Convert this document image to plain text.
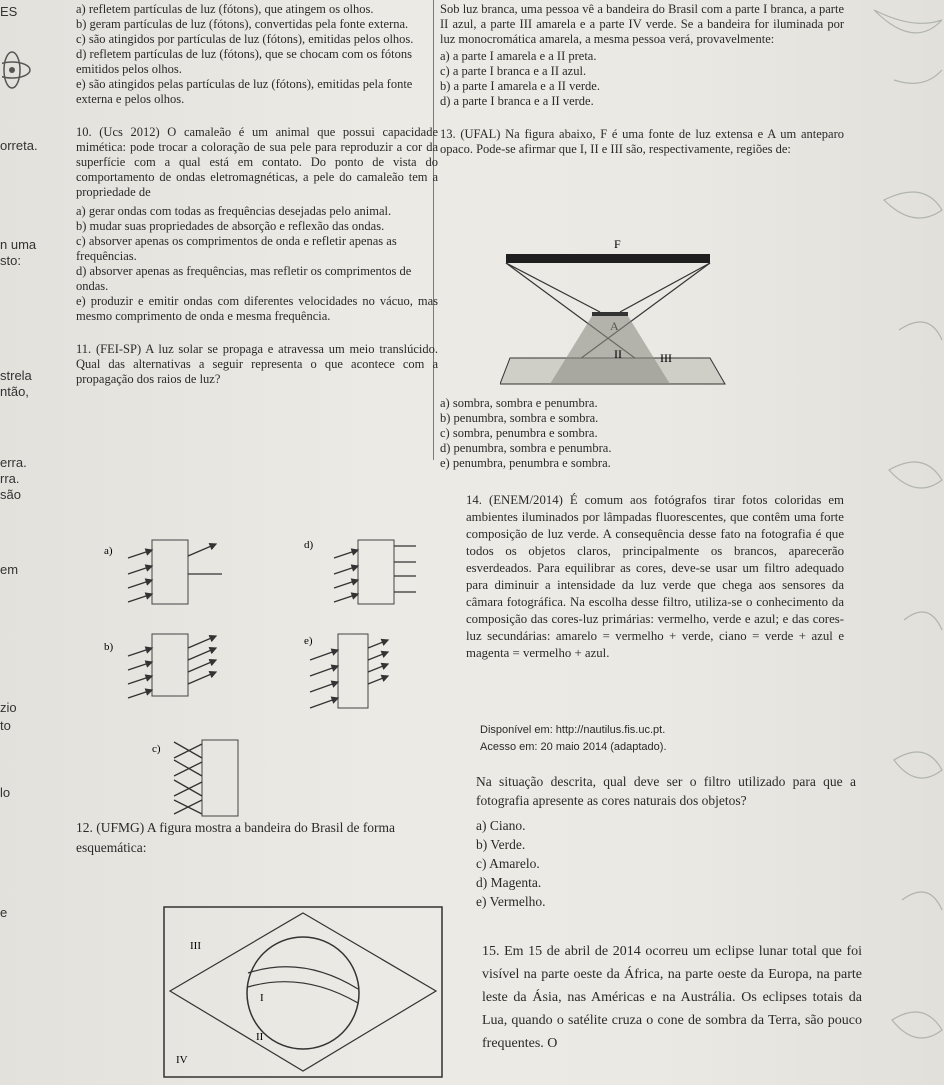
ES
orreta.
n uma
sto:
strela
ntão,
erra.
rra.
são
em
zio
to
lo
e

a) refletem partículas de luz (fótons), que atingem os olhos.

b) geram partículas de luz (fótons), convertidas pela fonte externa.

c) são atingidos por partículas de luz (fótons), emitidas pelos olhos.

d) refletem partículas de luz (fótons), que se chocam com os fótons emitidos pelos olhos.

e) são atingidos pelas partículas de luz (fótons), emitidas pela fonte externa e pelos olhos.

10. (Ucs 2012) O camaleão é um animal que possui capacidade mimética: pode trocar a coloração de sua pele para reproduzir a cor da superfície com a qual está em contato. Do ponto de vista do comportamento de ondas eletromagnéticas, a pele do camaleão tem a propriedade de

a) gerar ondas com todas as frequências desejadas pelo animal.

b) mudar suas propriedades de absorção e reflexão das ondas.

c) absorver apenas os comprimentos de onda e refletir apenas as frequências.

d) absorver apenas as frequências, mas refletir os comprimentos de ondas.

e) produzir e emitir ondas com diferentes velocidades no vácuo, mas mesmo comprimento de onda e mesma frequência.

11. (FEI-SP) A luz solar se propaga e atravessa um meio translúcido. Qual das alternativas a seguir representa o que acontece com a propagação dos raios de luz?

a)	d)
b)	e)
c)

12. (UFMG) A figura mostra a bandeira do Brasil de forma esquemática:

I
II
III
IV

Sob luz branca, uma pessoa vê a bandeira do Brasil com a parte I branca, a parte II azul, a parte III amarela e a parte IV verde. Se a bandeira for iluminada por luz monocromática amarela, a mesma pessoa verá, provavelmente:

a) a parte I amarela e a II preta.

c) a parte I branca e a II azul.

b) a parte I amarela e a II verde.

d) a parte I branca e a II verde.

13. (UFAL) Na figura abaixo, F é uma fonte de luz extensa e A um anteparo opaco. Pode-se afirmar que I, II e III são, respectivamente, regiões de:

F
II	III

a) sombra, sombra e penumbra.

b) penumbra, sombra e sombra.

c) sombra, penumbra e sombra.

d) penumbra, sombra e penumbra.

e) penumbra, penumbra e sombra.

14. (ENEM/2014) É comum aos fotógrafos tirar fotos coloridas em ambientes iluminados por lâmpadas fluorescentes, que contêm uma forte composição de luz verde. A consequência desse fato na fotografia é que todos os objetos claros, principalmente os brancos, aparecerão esverdeados. Para equilibrar as cores, deve-se usar um filtro adequado para diminuir a intensidade da luz verde que chega aos sensores da câmara fotográfica. Na escolha desse filtro, utiliza-se o conhecimento da composição das cores-luz primárias: vermelho, verde e azul; e das cores-luz secundárias: amarelo = vermelho + verde, ciano = verde + azul e magenta = vermelho + azul.

Disponível em: http://nautilus.fis.uc.pt.

Acesso em: 20 maio 2014 (adaptado).

Na situação descrita, qual deve ser o filtro utilizado para que a fotografia apresente as cores naturais dos objetos?

a) Ciano.

b) Verde.

c) Amarelo.

d) Magenta.

e) Vermelho.

15. Em 15 de abril de 2014 ocorreu um eclipse lunar total que foi visível na parte oeste da África, na parte oeste da Europa, na parte leste da Ásia, nas Américas e na Austrália. Os eclipses totais da Lua, quando o satélite cruza o cone de sombra da Terra, são pouco frequentes. O
